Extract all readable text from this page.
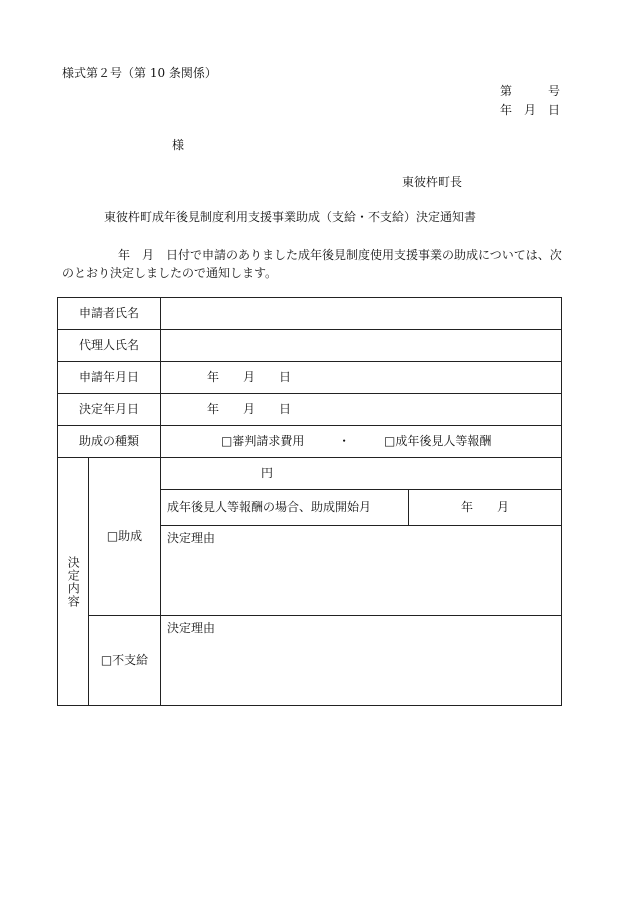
様式第２号（第 10 条関係）
第　　　号
年　月　日
様
東彼杵町長
東彼杵町成年後見制度利用支援事業助成（支給・不支給）決定通知書
年　月　日付で申請のありました成年後見制度使用支援事業の助成については、次のとおり決定しましたので通知します。
申請者氏名			
代理人氏名			
申請年月日		年　　月　　日	
決定年月日		年　　月　　日	
助成の種類		□審判請求費用 ・ □成年後見人等報酬	
決定内容	□助成	円	
		成年後見人等報酬の場合、助成開始月	年　　月
		決定理由	
	□不支給	決定理由	
